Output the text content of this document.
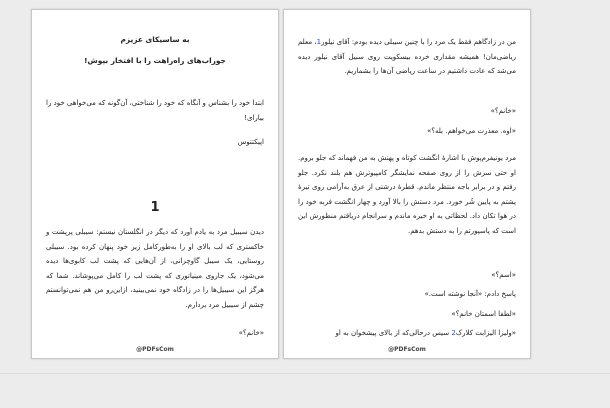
به ساسیکای عزیزم

جوراب‌های راه‌راهت را با افتخار بپوش!

ابتدا خود را بشناس و آنگاه که خود را شناختی، آن‌گونه که می‌خواهی خود را بیارای!

اپیکتتوس

1

دیدن سیبیل مرد به یادم آورد که دیگر در انگلستان نیستم: سیبلی پرپشت و خاکستری که لب بالای او را به‌طورکامل زیر خود پنهان کرده بود. سیبلی روستایی، یک سیبل گاوچرانی، از آن‌هایی که پشت لب کابوی‌ها دیده می‌شود، یک جاروی مینیاتوری که پشت لب را کامل می‌پوشاند. شما که هرگز این سیبیل‌ها را در زادگاه خود نمی‌بینید، ازاین‌رو من هم نمی‌توانستم چشم از سیبیل مرد بردارم.

«خانم؟»

@PDFsCom

من در زادگاهم فقط یک مرد را با چنین سیبلی دیده بودم: آقای نیلور1، معلم ریاضی‌مان! همیشه مقداری خرده بیسکویت روی سبیل آقای نیلور دیده می‌شد که عادت داشتیم در ساعت ریاضی آن‌ها را بشماریم.

«خانم؟»

«اوه. معذرت می‌خواهم. بله؟»

مرد یونیفرم‌پوش با اشارهٔ انگشت کوتاه و پهنش به من فهماند که جلو بروم. او حتی سرش را از روی صفحه نمایشگر کامپیوترش هم بلند نکرد. جلو رفتم و در برابر باجه منتظر ماندم. قطرهٔ درشتی از عرق به‌آرامی روی تیرهٔ پشتم به پایین شُر خورد. مرد دستش را بالا آورد و چهار انگشت فربه خود را در هوا تکان داد. لحظاتی به او خیره ماندم و سرانجام دریافتم منظورش این است که پاسپورتم را به دستش بدهم.

«اسم؟»

پاسخ دادم: «آنجا نوشته است.»

«لطفا اسمتان خانم؟»

«ولیزا الیزابت کلارک2 سیس درحالی‌که از بالای پیشخوان به او

@PDFsCom
